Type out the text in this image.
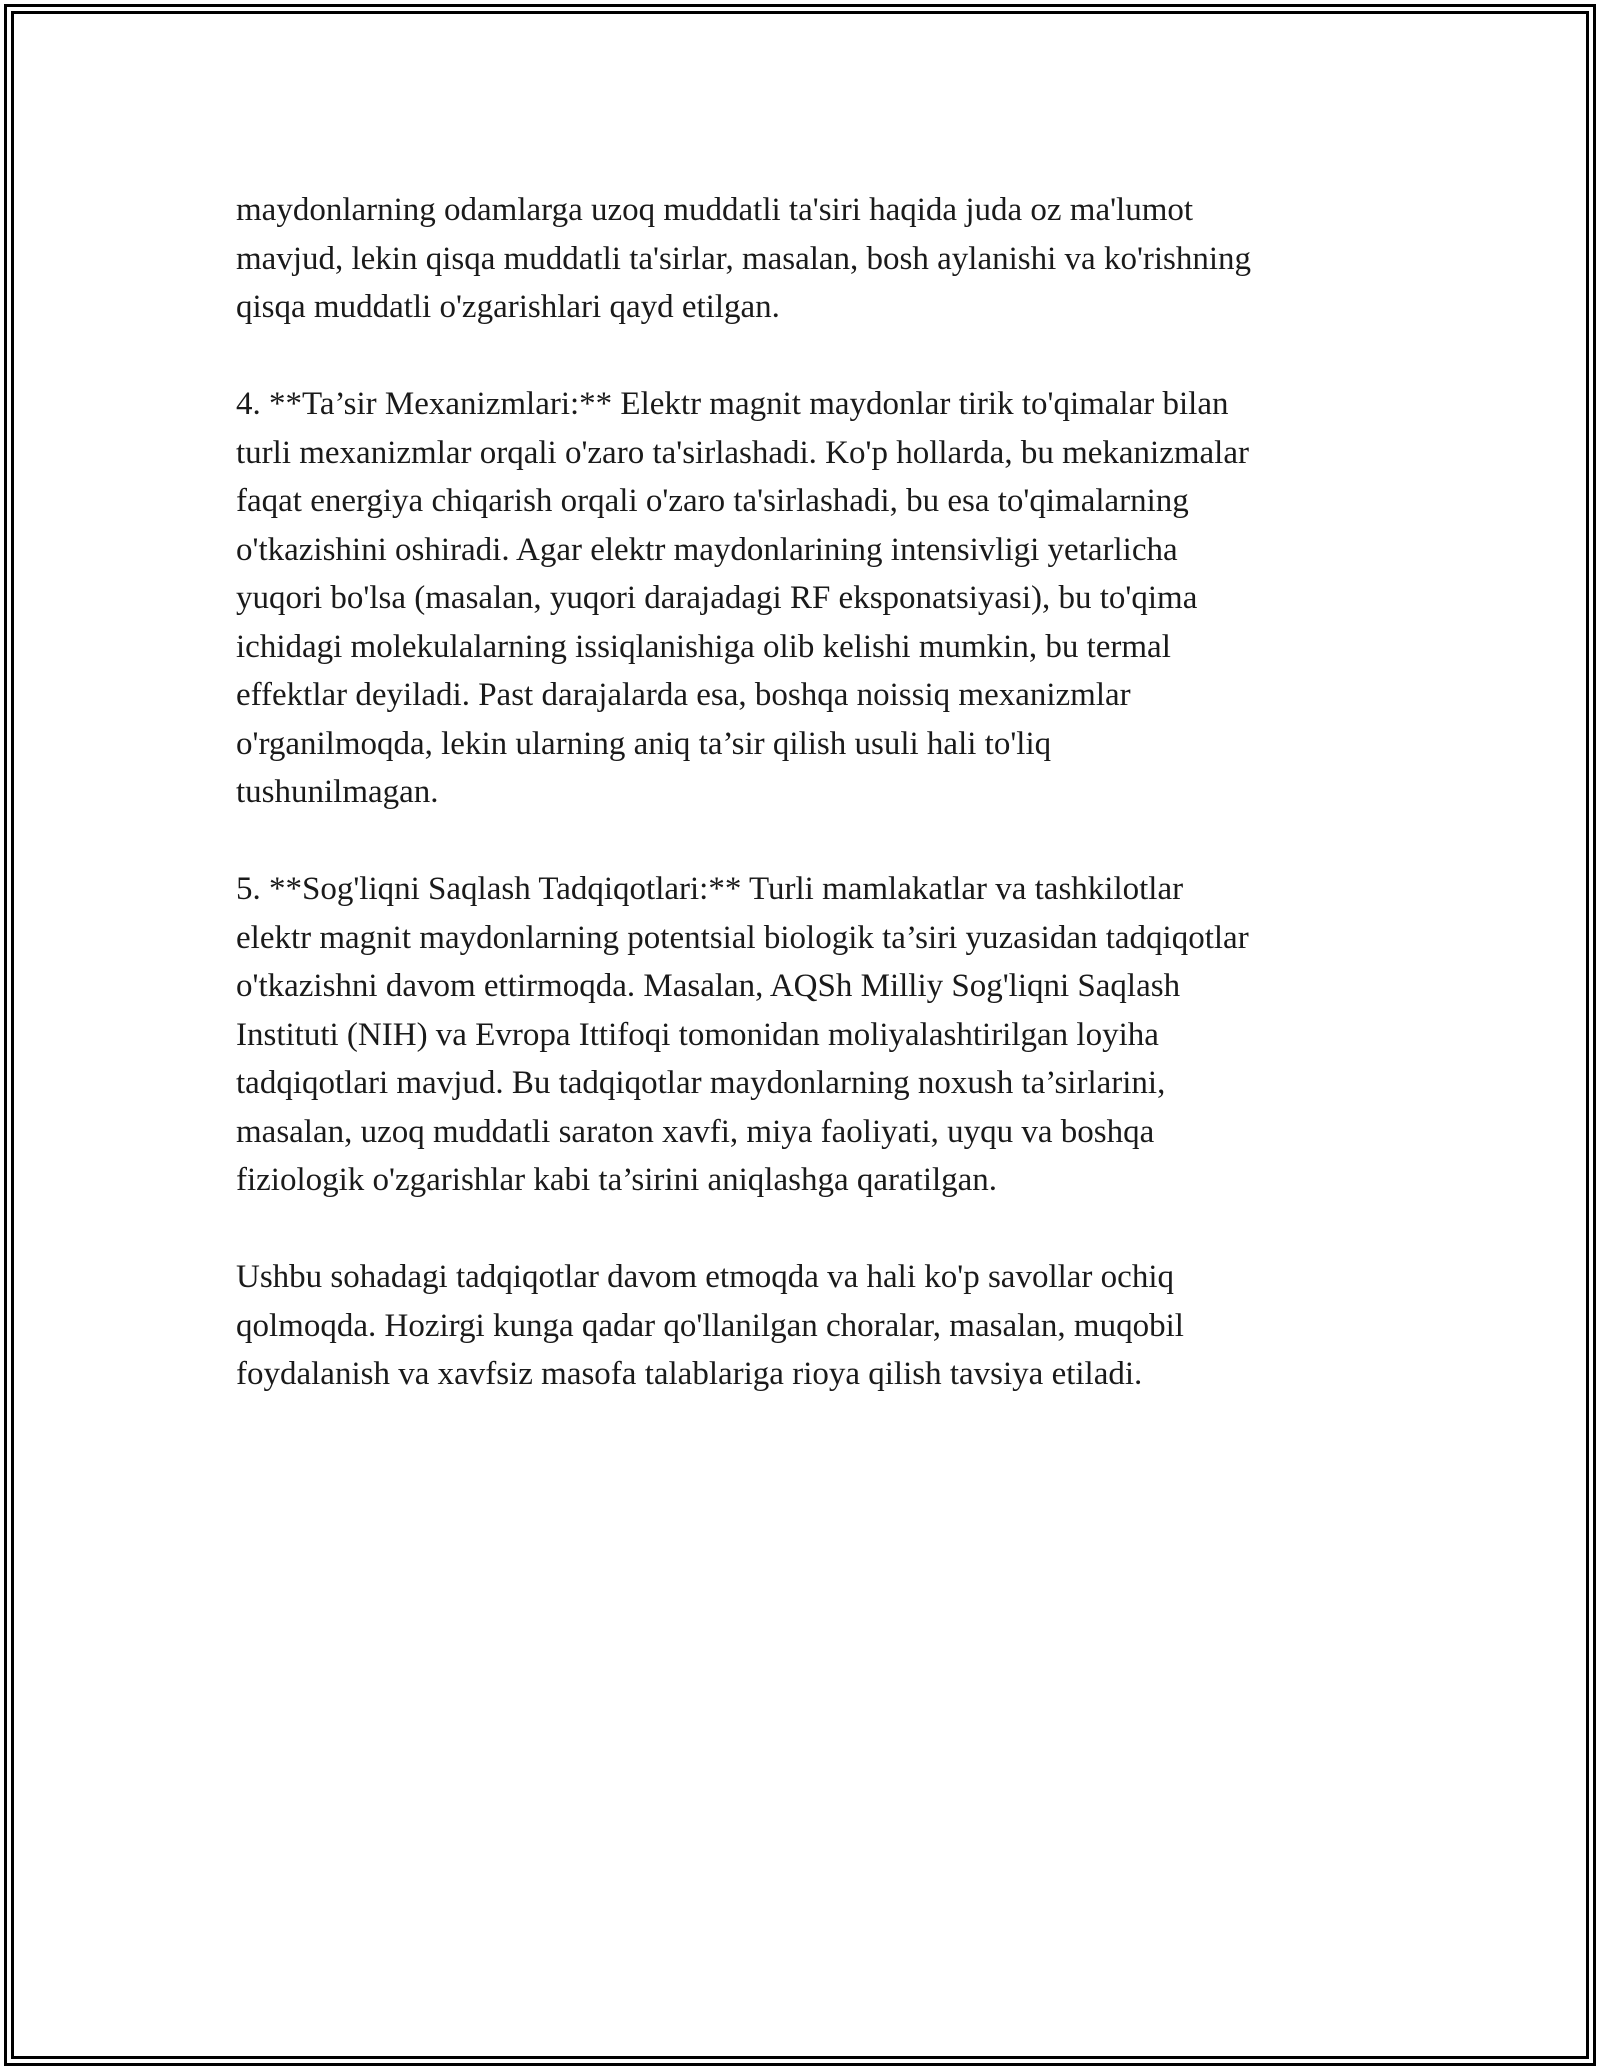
maydonlarning odamlarga uzoq muddatli ta'siri haqida juda oz ma'lumot
mavjud, lekin qisqa muddatli ta'sirlar, masalan, bosh aylanishi va ko'rishning
qisqa muddatli o'zgarishlari qayd etilgan.

4. **Ta’sir Mexanizmlari:** Elektr magnit maydonlar tirik to'qimalar bilan
turli mexanizmlar orqali o'zaro ta'sirlashadi. Ko'p hollarda, bu mekanizmalar
faqat energiya chiqarish orqali o'zaro ta'sirlashadi, bu esa to'qimalarning
o'tkazishini oshiradi. Agar elektr maydonlarining intensivligi yetarlicha
yuqori bo'lsa (masalan, yuqori darajadagi RF eksponatsiyasi), bu to'qima
ichidagi molekulalarning issiqlanishiga olib kelishi mumkin, bu termal
effektlar deyiladi. Past darajalarda esa, boshqa noissiq mexanizmlar
o'rganilmoqda, lekin ularning aniq ta’sir qilish usuli hali to'liq
tushunilmagan.

5. **Sog'liqni Saqlash Tadqiqotlari:** Turli mamlakatlar va tashkilotlar
elektr magnit maydonlarning potentsial biologik ta’siri yuzasidan tadqiqotlar
o'tkazishni davom ettirmoqda. Masalan, AQSh Milliy Sog'liqni Saqlash
Instituti (NIH) va Evropa Ittifoqi tomonidan moliyalashtirilgan loyiha
tadqiqotlari mavjud. Bu tadqiqotlar maydonlarning noxush ta’sirlarini,
masalan, uzoq muddatli saraton xavfi, miya faoliyati, uyqu va boshqa
fiziologik o'zgarishlar kabi ta’sirini aniqlashga qaratilgan.

Ushbu sohadagi tadqiqotlar davom etmoqda va hali ko'p savollar ochiq
qolmoqda. Hozirgi kunga qadar qo'llanilgan choralar, masalan, muqobil
foydalanish va xavfsiz masofa talablariga rioya qilish tavsiya etiladi.
